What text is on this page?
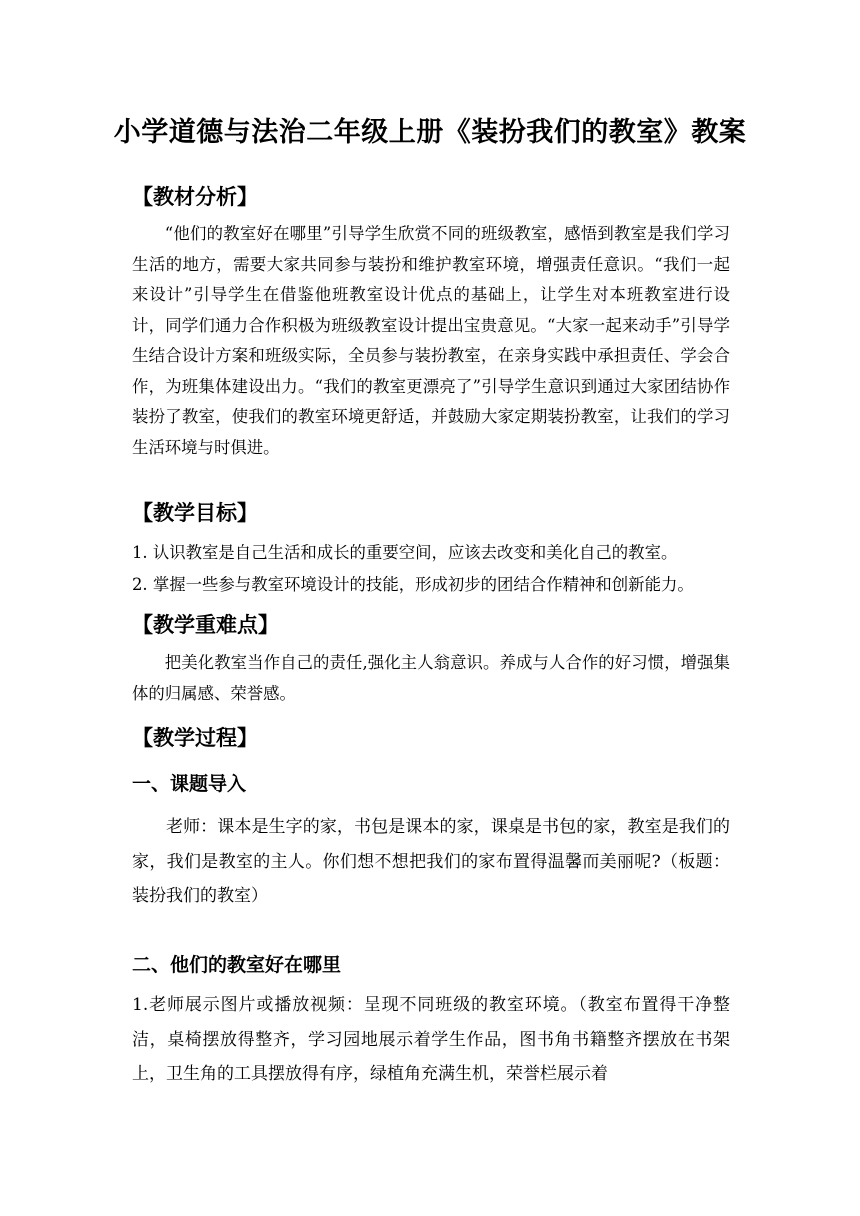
小学道德与法治二年级上册《装扮我们的教室》教案
【教材分析】

“他们的教室好在哪里”引导学生欣赏不同的班级教室，感悟到教室是我们学习生活的地方，需要大家共同参与装扮和维护教室环境，增强责任意识。“我们一起来设计”引导学生在借鉴他班教室设计优点的基础上，让学生对本班教室进行设计，同学们通力合作积极为班级教室设计提出宝贵意见。“大家一起来动手”引导学生结合设计方案和班级实际，全员参与装扮教室，在亲身实践中承担责任、学会合作，为班集体建设出力。“我们的教室更漂亮了”引导学生意识到通过大家团结协作装扮了教室，使我们的教室环境更舒适，并鼓励大家定期装扮教室，让我们的学习生活环境与时俱进。

【教学目标】

1. 认识教室是自己生活和成长的重要空间，应该去改变和美化自己的教室。

2. 掌握一些参与教室环境设计的技能，形成初步的团结合作精神和创新能力。

【教学重难点】

把美化教室当作自己的责任,强化主人翁意识。养成与人合作的好习惯，增强集体的归属感、荣誉感。

【教学过程】
一、课题导入

老师：课本是生字的家，书包是课本的家，课桌是书包的家，教室是我们的家，我们是教室的主人。你们想不想把我们的家布置得温馨而美丽呢?（板题：装扮我们的教室）

二、他们的教室好在哪里

1.老师展示图片或播放视频：呈现不同班级的教室环境。（教室布置得干净整洁，桌椅摆放得整齐，学习园地展示着学生作品，图书角书籍整齐摆放在书架上，卫生角的工具摆放得有序，绿植角充满生机，荣誉栏展示着
